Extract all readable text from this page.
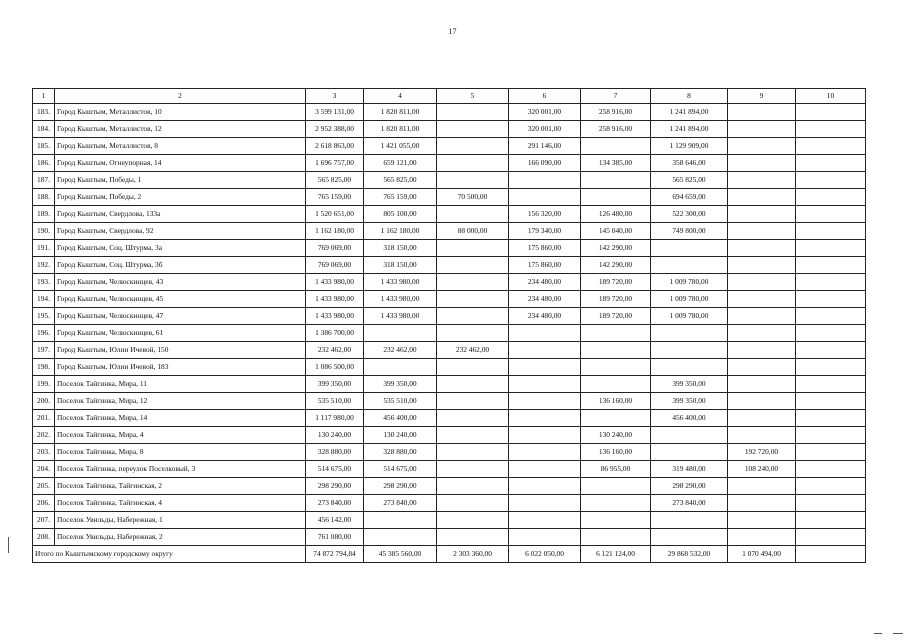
17
1	2	3	4	5	6	7	8	9	10
183.	Город Кыштым, Металлистов, 10	3 599 131,00	1 820 811,00		320 001,00	258 916,00	1 241 894,00		
184.	Город Кыштым, Металлистов, 12	2 952 388,00	1 820 811,00		320 001,00	258 916,00	1 241 894,00		
185.	Город Кыштым, Металлистов, 8	2 618 863,00	1 421 055,00		291 146,00		1 129 909,00		
186.	Город Кыштым, Огнеупорная, 14	1 696 757,00	659 121,00		166 090,00	134 385,00	358 646,00		
187.	Город Кыштым, Победы, 1	565 825,00	565 825,00				565 825,00		
188.	Город Кыштым, Победы, 2	765 159,00	765 159,00	70 500,00			694 659,00		
189.	Город Кыштым, Свердлова, 133а	1 520 651,00	805 100,00		156 320,00	126 480,00	522 300,00		
190.	Город Кыштым, Свердлова, 92	1 162 180,00	1 162 180,00	88 000,00	179 340,00	145 040,00	749 800,00		
191.	Город Кыштым, Соц. Штурма, 3а	769 069,00	318 150,00		175 860,00	142 290,00			
192.	Город Кыштым, Соц. Штурма, 3б	769 069,00	318 150,00		175 860,00	142 290,00			
193.	Город Кыштым, Челюскинцев, 43	1 433 980,00	1 433 980,00		234 480,00	189 720,00	1 009 780,00		
194.	Город Кыштым, Челюскинцев, 45	1 433 980,00	1 433 980,00		234 480,00	189 720,00	1 009 780,00		
195.	Город Кыштым, Челюскинцев, 47	1 433 980,00	1 433 980,00		234 480,00	189 720,00	1 009 780,00		
196.	Город Кыштым, Челюскинцев, 61	1 386 700,00							
197.	Город Кыштым, Юлии Ичевой, 150	232 462,00	232 462,00	232 462,00					
198.	Город Кыштым, Юлии Ичевой, 183	1 086 500,00							
199.	Поселок Тайгинка, Мира, 11	399 350,00	399 350,00				399 350,00		
200.	Поселок Тайгинка, Мира, 12	535 510,00	535 510,00			136 160,00	399 350,00		
201.	Поселок Тайгинка, Мира, 14	1 117 980,00	456 400,00				456 400,00		
202.	Поселок Тайгинка, Мира, 4	130 240,00	130 240,00			130 240,00			
203.	Поселок Тайгинка, Мира, 8	328 880,00	328 880,00			136 160,00		192 720,00	
204.	Поселок Тайгинка, переулок Поселковый, 3	514 675,00	514 675,00			86 955,00	319 480,00	108 240,00	
205.	Поселок Тайгинка, Тайгинская, 2	298 290,00	298 290,00				298 290,00		
206.	Поселок Тайгинка, Тайгинская, 4	273 840,00	273 840,00				273 840,00		
207.	Поселок Увильды, Набережная, 1	456 142,00							
208.	Поселок Увильды, Набережная, 2	761 080,00							
Итого по Кыштымскому городскому округу		74 872 794,84	45 385 560,00	2 303 360,00	6 022 050,00	6 121 124,00	29 868 532,00	1 070 494,00	
